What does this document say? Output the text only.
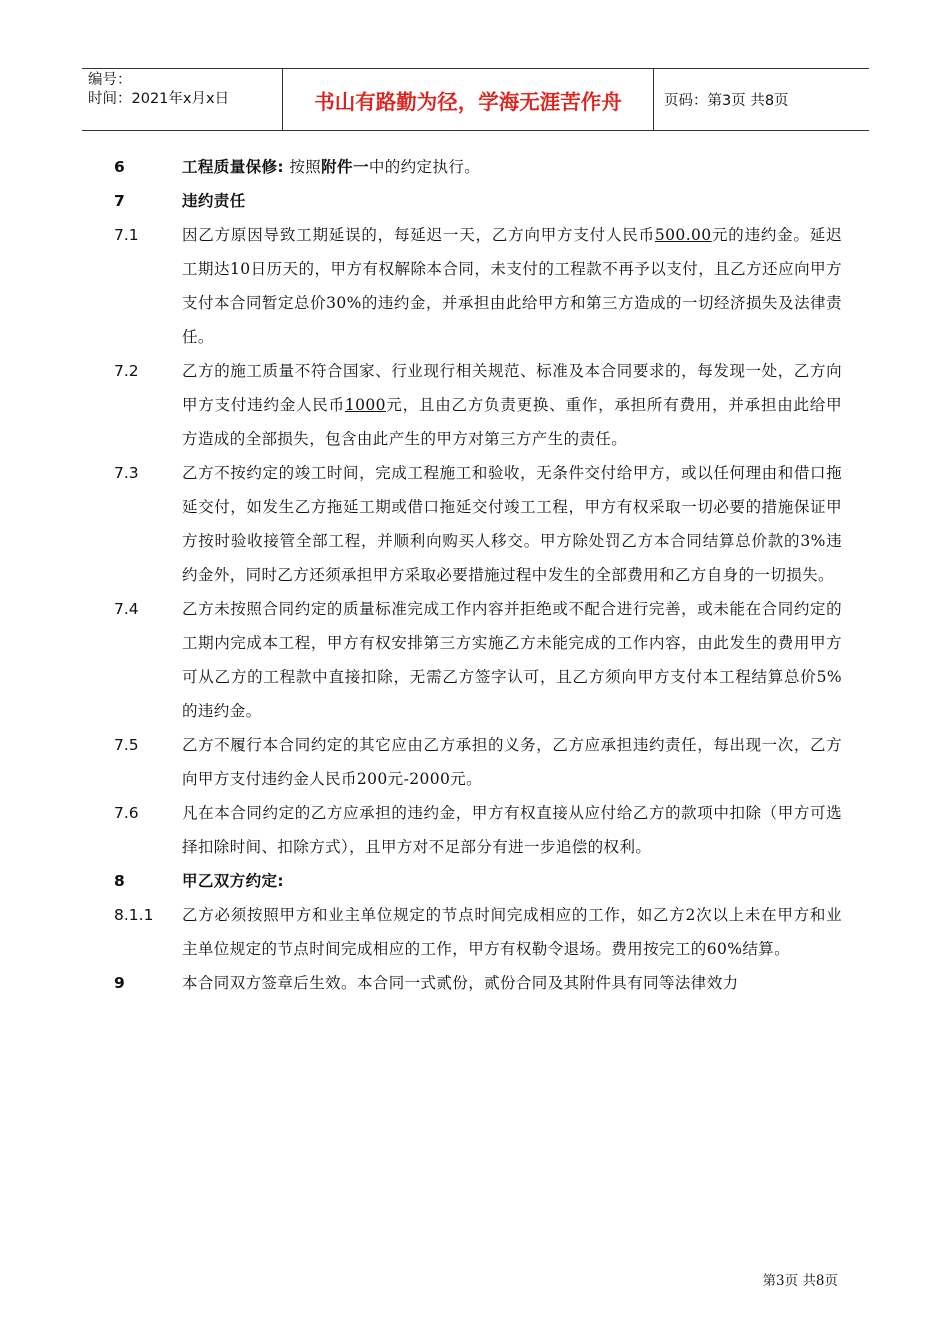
编号：
时间：2021年x月x日	书山有路勤为径，学海无涯苦作舟	页码：第3页 共8页
6	工程质量保修: 按照附件一中的约定执行。
7	违约责任
7.1	因乙方原因导致工期延误的，每延迟一天，乙方向甲方支付人民币500.00元的违约金。延迟工期达10日历天的，甲方有权解除本合同，未支付的工程款不再予以支付，且乙方还应向甲方支付本合同暂定总价30%的违约金，并承担由此给甲方和第三方造成的一切经济损失及法律责任。
7.2	乙方的施工质量不符合国家、行业现行相关规范、标准及本合同要求的，每发现一处，乙方向甲方支付违约金人民币1000元，且由乙方负责更换、重作，承担所有费用，并承担由此给甲方造成的全部损失，包含由此产生的甲方对第三方产生的责任。
7.3	乙方不按约定的竣工时间，完成工程施工和验收，无条件交付给甲方，或以任何理由和借口拖延交付，如发生乙方拖延工期或借口拖延交付竣工工程，甲方有权采取一切必要的措施保证甲方按时验收接管全部工程，并顺利向购买人移交。甲方除处罚乙方本合同结算总价款的3%违约金外，同时乙方还须承担甲方采取必要措施过程中发生的全部费用和乙方自身的一切损失。
7.4	乙方未按照合同约定的质量标准完成工作内容并拒绝或不配合进行完善，或未能在合同约定的工期内完成本工程，甲方有权安排第三方实施乙方未能完成的工作内容，由此发生的费用甲方可从乙方的工程款中直接扣除，无需乙方签字认可，且乙方须向甲方支付本工程结算总价5%的违约金。
7.5	乙方不履行本合同约定的其它应由乙方承担的义务，乙方应承担违约责任，每出现一次，乙方向甲方支付违约金人民币200元-2000元。
7.6	凡在本合同约定的乙方应承担的违约金，甲方有权直接从应付给乙方的款项中扣除（甲方可选择扣除时间、扣除方式），且甲方对不足部分有进一步追偿的权利。
8	甲乙双方约定:
8.1.1	乙方必须按照甲方和业主单位规定的节点时间完成相应的工作，如乙方2次以上未在甲方和业主单位规定的节点时间完成相应的工作，甲方有权勒令退场。费用按完工的60%结算。
9	本合同双方签章后生效。本合同一式贰份，贰份合同及其附件具有同等法律效力
第3页 共8页
